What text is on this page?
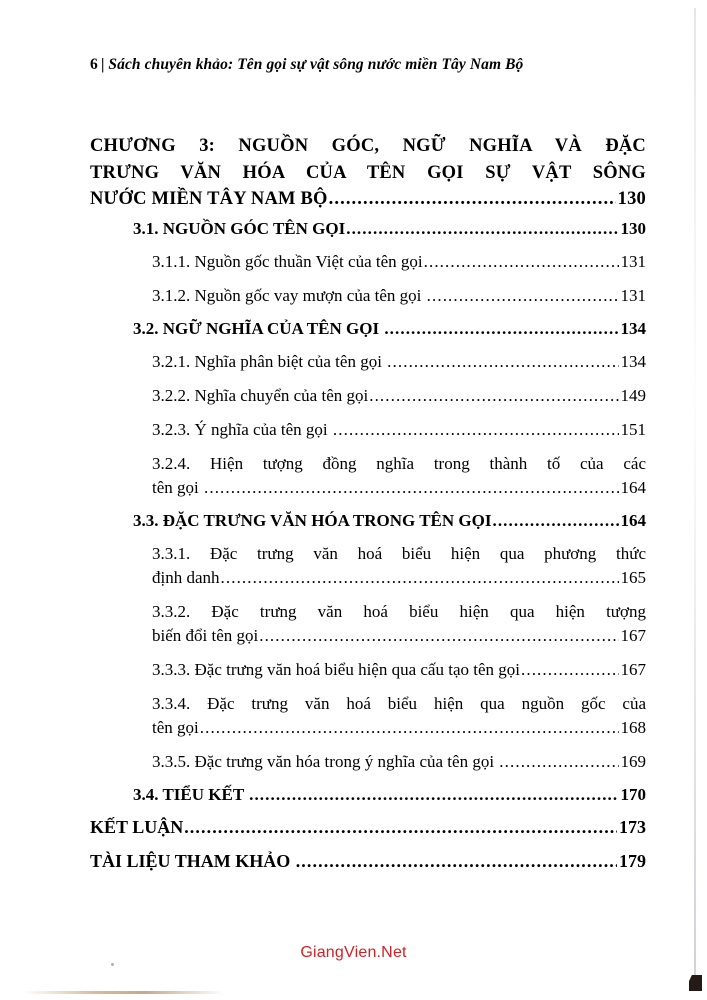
6 | Sách chuyên khảo: Tên gọi sự vật sông nước miền Tây Nam Bộ
CHƯƠNG 3: NGUỒN GÓC, NGỮ NGHĨA VÀ ĐẶC
TRƯNG VĂN HÓA CỦA TÊN GỌI SỰ VẬT SÔNG
NƯỚC MIỀN TÂY NAM BỘ .....	130
3.1. NGUỒN GÓC TÊN GỌI .....	130
3.1.1. Nguồn gốc thuần Việt của tên gọi .....	131
3.1.2. Nguồn gốc vay mượn của tên gọi .....	131
3.2. NGỮ NGHĨA CỦA TÊN GỌI .....	134
3.2.1. Nghĩa phân biệt của tên gọi .....	134
3.2.2. Nghĩa chuyển của tên gọi .....	149
3.2.3. Ý nghĩa của tên gọi .....	151
3.2.4. Hiện tượng đồng nghĩa trong thành tố của các
tên gọi .....	164
3.3. ĐẶC TRƯNG VĂN HÓA TRONG TÊN GỌI .....	164
3.3.1. Đặc trưng văn hoá biểu hiện qua phương thức
định danh .....	165
3.3.2. Đặc trưng văn hoá biểu hiện qua hiện tượng
biến đổi tên gọi .....	167
3.3.3. Đặc trưng văn hoá biểu hiện qua cấu tạo tên gọi .....	167
3.3.4. Đặc trưng văn hoá biểu hiện qua nguồn gốc của
tên gọi .....	168
3.3.5. Đặc trưng văn hóa trong ý nghĩa của tên gọi .....	169
3.4. TIỂU KẾT .....	170
KẾT LUẬN .....	173
TÀI LIỆU THAM KHẢO .....	179
GiangVien.Net
